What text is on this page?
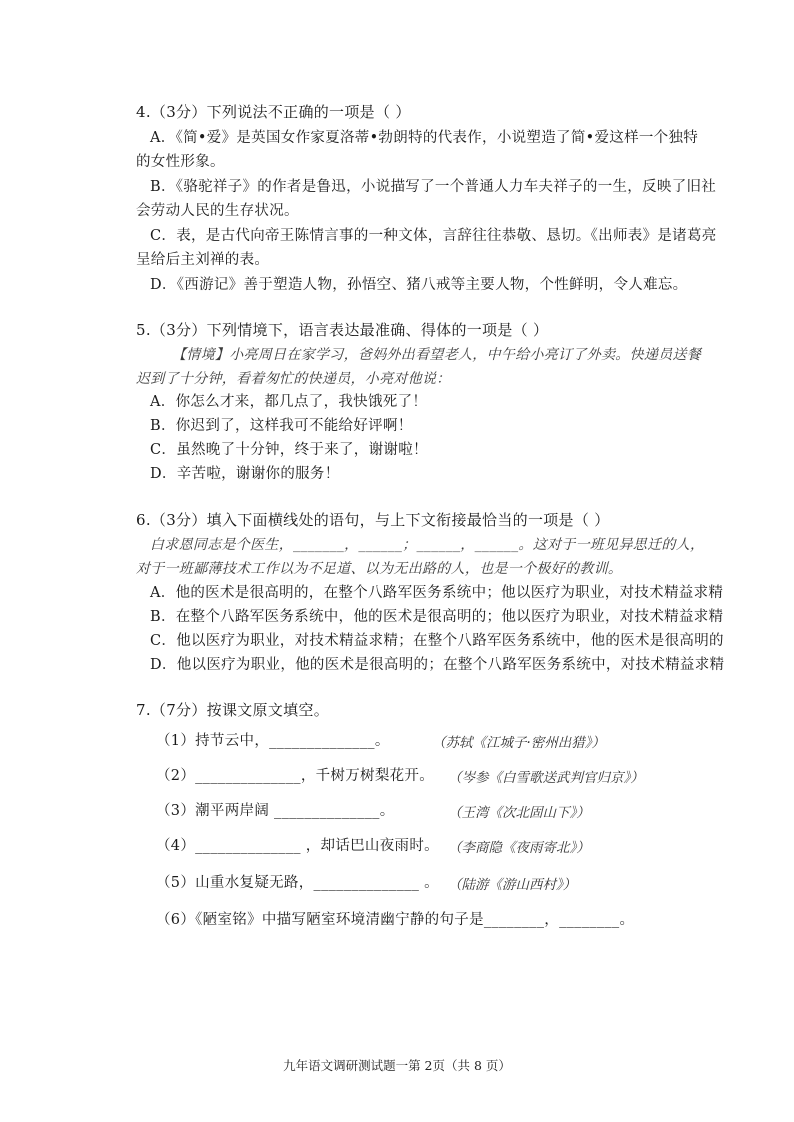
4.（3分）下列说法不正确的一项是（ ）
A．《简•爱》是英国女作家夏洛蒂•勃朗特的代表作，小说塑造了简•爱这样一个独特
的女性形象。
B．《骆驼祥子》的作者是鲁迅，小说描写了一个普通人力车夫祥子的一生，反映了旧社
会劳动人民的生存状况。
C．表，是古代向帝王陈情言事的一种文体，言辞往往恭敬、恳切。《出师表》是诸葛亮
呈给后主刘禅的表。
D．《西游记》善于塑造人物，孙悟空、猪八戒等主要人物，个性鲜明，令人难忘。
5.（3分）下列情境下，语言表达最准确、得体的一项是（ ）
【情境】小亮周日在家学习，爸妈外出看望老人，中午给小亮订了外卖。快递员送餐
迟到了十分钟，看着匆忙的快递员，小亮对他说：
A．你怎么才来，都几点了，我快饿死了！
B．你迟到了，这样我可不能给好评啊！
C．虽然晚了十分钟，终于来了，谢谢啦！
D．辛苦啦，谢谢你的服务！
6.（3分）填入下面横线处的语句，与上下文衔接最恰当的一项是（ ）
白求恩同志是个医生，_______，______；______，______。这对于一班见异思迁的人，
对于一班鄙薄技术工作以为不足道、以为无出路的人，也是一个极好的教训。
A．他的医术是很高明的，在整个八路军医务系统中；他以医疗为职业，对技术精益求精
B．在整个八路军医务系统中，他的医术是很高明的；他以医疗为职业，对技术精益求精
C．他以医疗为职业，对技术精益求精；在整个八路军医务系统中，他的医术是很高明的
D．他以医疗为职业，他的医术是很高明的；在整个八路军医务系统中，对技术精益求精
7.（7分）按课文原文填空。
（1）持节云中，______________。	（苏轼《江城子·密州出猎》）
（2）______________，千树万树梨花开。 （岑参《白雪歌送武判官归京》）
（3）潮平两岸阔 ______________。	（王湾《次北固山下》）
（4）______________ ，却话巴山夜雨时。 （李商隐《夜雨寄北》）
（5）山重水复疑无路，______________ 。 （陆游《游山西村》）
（6）《陋室铭》中描写陋室环境清幽宁静的句子是________，________。
九年语文调研测试题一第 2页（共 8 页）
